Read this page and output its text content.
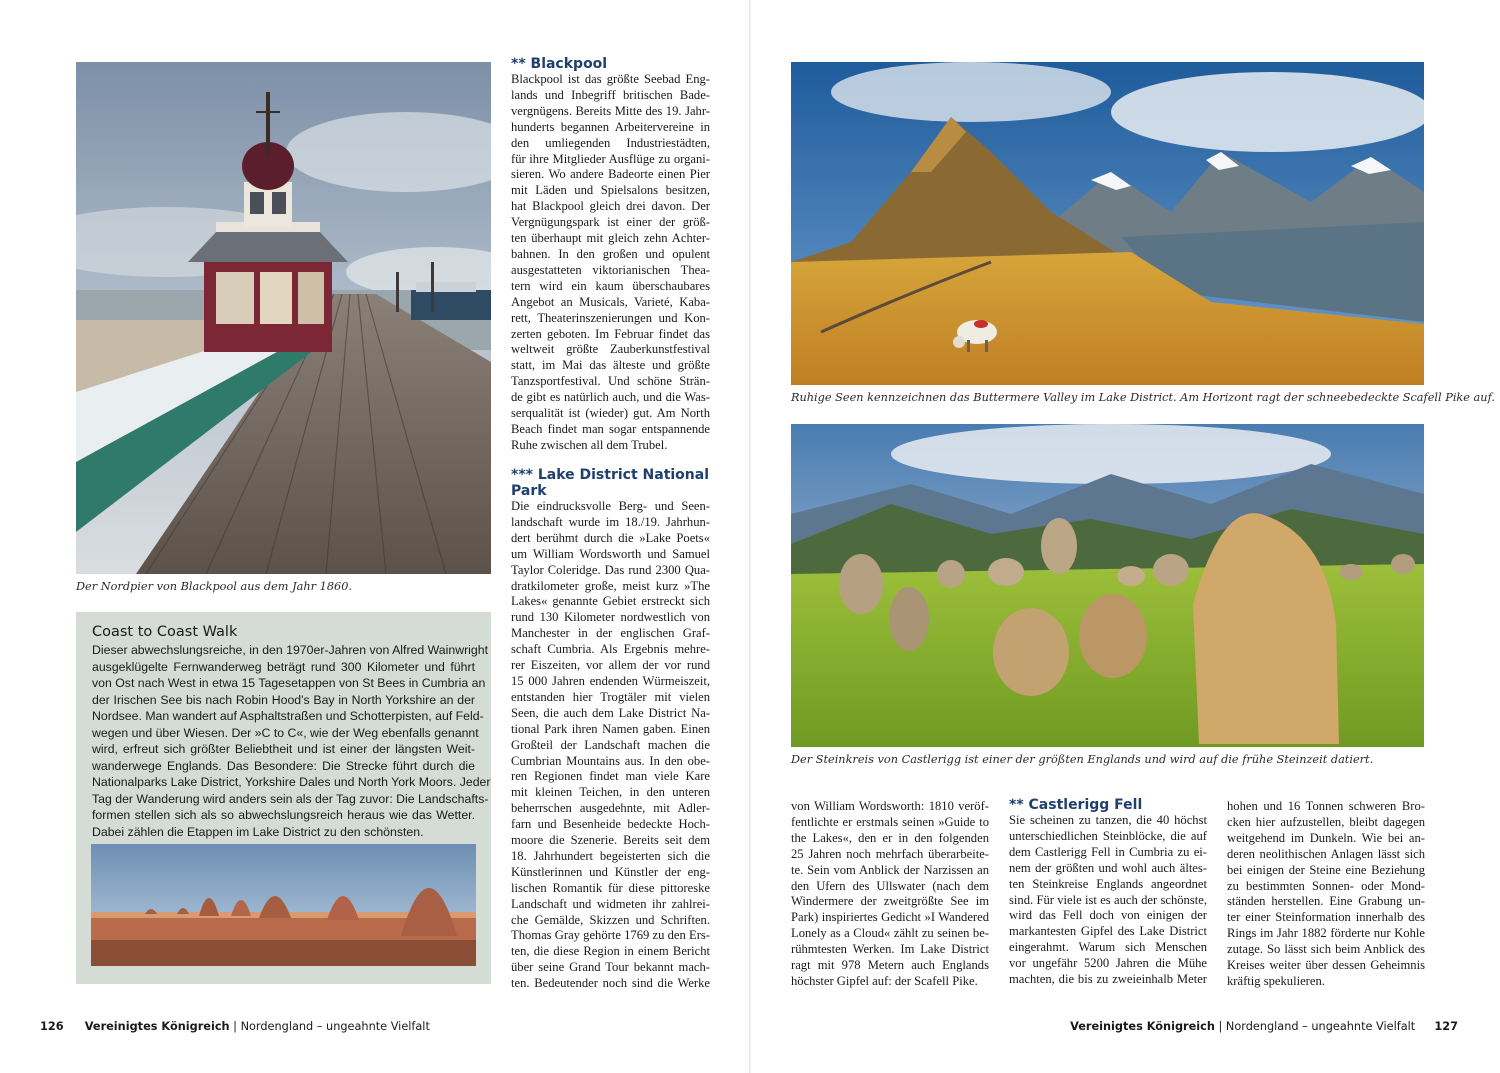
Der Nordpier von Blackpool aus dem Jahr 1860.
** Blackpool
Blackpool ist das größte Seebad Eng-
lands und Inbegriff britischen Bade-
vergnügens. Bereits Mitte des 19. Jahr-
hunderts begannen Arbeitervereine in
den umliegenden Industriestädten,
für ihre Mitglieder Ausflüge zu organi-
sieren. Wo andere Badeorte einen Pier
mit Läden und Spielsalons besitzen,
hat Blackpool gleich drei davon. Der
Vergnügungspark ist einer der größ-
ten überhaupt mit gleich zehn Achter-
bahnen. In den großen und opulent
ausgestatteten viktorianischen Thea-
tern wird ein kaum überschaubares
Angebot an Musicals, Varieté, Kaba-
rett, Theaterinszenierungen und Kon-
zerten geboten. Im Februar findet das
weltweit größte Zauberkunstfestival
statt, im Mai das älteste und größte
Tanzsportfestival. Und schöne Strän-
de gibt es natürlich auch, und die Was-
serqualität ist (wieder) gut. Am North
Beach findet man sogar entspannende
Ruhe zwischen all dem Trubel.
*** Lake District National
Park
Die eindrucksvolle Berg- und Seen-
landschaft wurde im 18./19. Jahrhun-
dert berühmt durch die »Lake Poets«
um William Wordsworth und Samuel
Taylor Coleridge. Das rund 2300 Qua-
dratkilometer große, meist kurz »The
Lakes« genannte Gebiet erstreckt sich
rund 130 Kilometer nordwestlich von
Manchester in der englischen Graf-
schaft Cumbria. Als Ergebnis mehre-
rer Eiszeiten, vor allem der vor rund
15 000 Jahren endenden Würmeiszeit,
entstanden hier Trogtäler mit vielen
Seen, die auch dem Lake District Na-
tional Park ihren Namen gaben. Einen
Großteil der Landschaft machen die
Cumbrian Mountains aus. In den obe-
ren Regionen findet man viele Kare
mit kleinen Teichen, in den unteren
beherrschen ausgedehnte, mit Adler-
farn und Besenheide bedeckte Hoch-
moore die Szenerie. Bereits seit dem
18. Jahrhundert begeisterten sich die
Künstlerinnen und Künstler der eng-
lischen Romantik für diese pittoreske
Landschaft und widmeten ihr zahlrei-
che Gemälde, Skizzen und Schriften.
Thomas Gray gehörte 1769 zu den Ers-
ten, die diese Region in einem Bericht
über seine Grand Tour bekannt mach-
ten. Bedeutender noch sind die Werke
Coast to Coast Walk
Dieser abwechslungsreiche, in den 1970er-Jahren von Alfred Wainwright
ausgeklügelte Fernwanderweg beträgt rund 300 Kilometer und führt
von Ost nach West in etwa 15 Tagesetappen von St Bees in Cumbria an
der Irischen See bis nach Robin Hood's Bay in North Yorkshire an der
Nordsee. Man wandert auf Asphaltstraßen und Schotterpisten, auf Feld-
wegen und über Wiesen. Der »C to C«, wie der Weg ebenfalls genannt
wird, erfreut sich größter Beliebtheit und ist einer der längsten Weit-
wanderwege Englands. Das Besondere: Die Strecke führt durch die
Nationalparks Lake District, Yorkshire Dales und North York Moors. Jeder
Tag der Wanderung wird anders sein als der Tag zuvor: Die Landschafts-
formen stellen sich als so abwechslungsreich heraus wie das Wetter.
Dabei zählen die Etappen im Lake District zu den schönsten.
126 Vereinigtes Königreich | Nordengland – ungeahnte Vielfalt
Ruhige Seen kennzeichnen das Buttermere Valley im Lake District. Am Horizont ragt der schneebedeckte Scafell Pike auf.
Der Steinkreis von Castlerigg ist einer der größten Englands und wird auf die frühe Steinzeit datiert.
von William Wordsworth: 1810 veröf-
fentlichte er erstmals seinen »Guide to
the Lakes«, den er in den folgenden
25 Jahren noch mehrfach überarbeite-
te. Sein vom Anblick der Narzissen an
den Ufern des Ullswater (nach dem
Windermere der zweitgrößte See im
Park) inspiriertes Gedicht »I Wandered
Lonely as a Cloud« zählt zu seinen be-
rühmtesten Werken. Im Lake District
ragt mit 978 Metern auch Englands
höchster Gipfel auf: der Scafell Pike.
** Castlerigg Fell
Sie scheinen zu tanzen, die 40 höchst
unterschiedlichen Steinblöcke, die auf
dem Castlerigg Fell in Cumbria zu ei-
nem der größten und wohl auch ältes-
ten Steinkreise Englands angeordnet
sind. Für viele ist es auch der schönste,
wird das Fell doch von einigen der
markantesten Gipfel des Lake District
eingerahmt. Warum sich Menschen
vor ungefähr 5200 Jahren die Mühe
machten, die bis zu zweieinhalb Meter
hohen und 16 Tonnen schweren Bro-
cken hier aufzustellen, bleibt dagegen
weitgehend im Dunkeln. Wie bei an-
deren neolithischen Anlagen lässt sich
bei einigen der Steine eine Beziehung
zu bestimmten Sonnen- oder Mond-
ständen herstellen. Eine Grabung un-
ter einer Steinformation innerhalb des
Rings im Jahr 1882 förderte nur Kohle
zutage. So lässt sich beim Anblick des
Kreises weiter über dessen Geheimnis
kräftig spekulieren.
Vereinigtes Königreich | Nordengland – ungeahnte Vielfalt 127
